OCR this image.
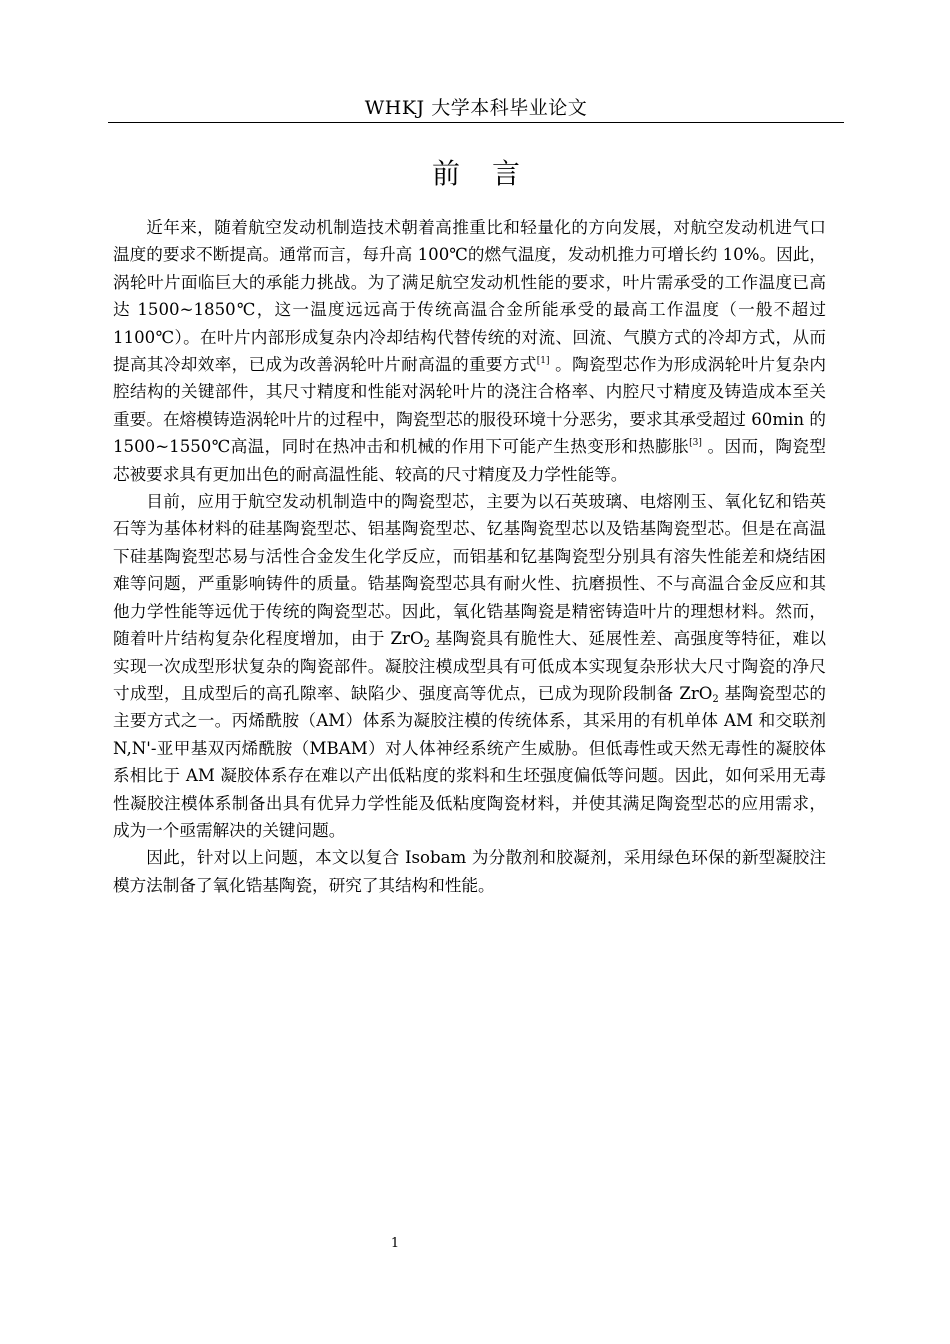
WHKJ 大学本科毕业论文
前言

近年来，随着航空发动机制造技术朝着高推重比和轻量化的方向发展，对航空发动机进气口温度的要求不断提高。通常而言，每升高 100℃的燃气温度，发动机推力可增长约 10%。因此，涡轮叶片面临巨大的承能力挑战。为了满足航空发动机性能的要求，叶片需承受的工作温度已高达 1500~1850℃，这一温度远远高于传统高温合金所能承受的最高工作温度（一般不超过 1100℃）。在叶片内部形成复杂内冷却结构代替传统的对流、回流、气膜方式的冷却方式，从而提高其冷却效率，已成为改善涡轮叶片耐高温的重要方式[1] 。陶瓷型芯作为形成涡轮叶片复杂内腔结构的关键部件，其尺寸精度和性能对涡轮叶片的浇注合格率、内腔尺寸精度及铸造成本至关重要。在熔模铸造涡轮叶片的过程中，陶瓷型芯的服役环境十分恶劣，要求其承受超过 60min 的 1500~1550℃高温，同时在热冲击和机械的作用下可能产生热变形和热膨胀[3] 。因而，陶瓷型芯被要求具有更加出色的耐高温性能、较高的尺寸精度及力学性能等。

目前，应用于航空发动机制造中的陶瓷型芯，主要为以石英玻璃、电熔刚玉、氧化钇和锆英石等为基体材料的硅基陶瓷型芯、铝基陶瓷型芯、钇基陶瓷型芯以及锆基陶瓷型芯。但是在高温下硅基陶瓷型芯易与活性合金发生化学反应，而铝基和钇基陶瓷型分别具有溶失性能差和烧结困难等问题，严重影响铸件的质量。锆基陶瓷型芯具有耐火性、抗磨损性、不与高温合金反应和其他力学性能等远优于传统的陶瓷型芯。因此，氧化锆基陶瓷是精密铸造叶片的理想材料。然而，随着叶片结构复杂化程度增加，由于 ZrO$_2$ 基陶瓷具有脆性大、延展性差、高强度等特征，难以实现一次成型形状复杂的陶瓷部件。凝胶注模成型具有可低成本实现复杂形状大尺寸陶瓷的净尺寸成型，且成型后的高孔隙率、缺陷少、强度高等优点，已成为现阶段制备 ZrO$_2$ 基陶瓷型芯的主要方式之一。丙烯酰胺（AM）体系为凝胶注模的传统体系，其采用的有机单体 AM 和交联剂 N,N'-亚甲基双丙烯酰胺（MBAM）对人体神经系统产生威胁。但低毒性或天然无毒性的凝胶体系相比于 AM 凝胶体系存在难以产出低粘度的浆料和生坯强度偏低等问题。因此，如何采用无毒性凝胶注模体系制备出具有优异力学性能及低粘度陶瓷材料，并使其满足陶瓷型芯的应用需求，成为一个亟需解决的关键问题。

因此，针对以上问题，本文以复合 Isobam 为分散剂和胶凝剂，采用绿色环保的新型凝胶注模方法制备了氧化锆基陶瓷，研究了其结构和性能。

1
